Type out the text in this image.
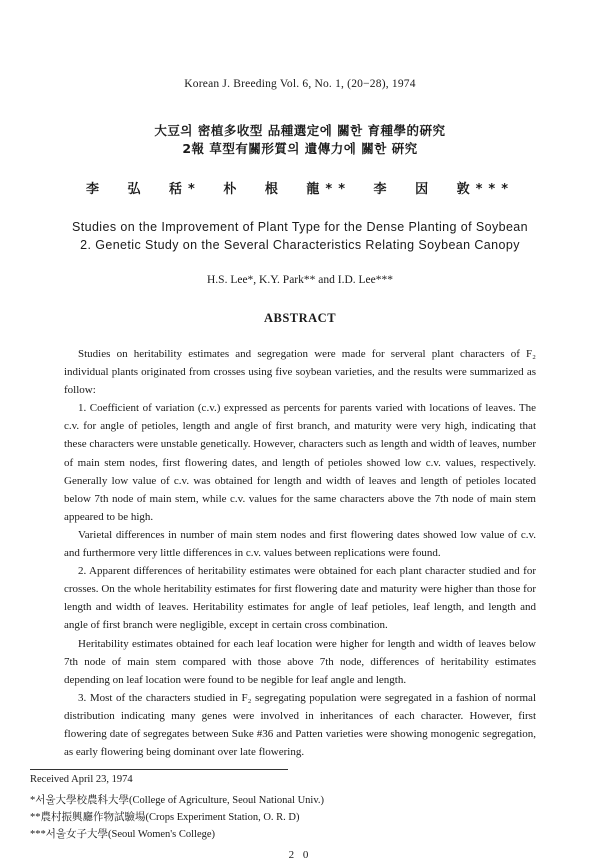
Korean J. Breeding Vol. 6, No. 1, (20−28), 1974
大豆의 密植多收型 品種選定에 關한 育種學的硏究
2報 草型有關形質의 遺傳力에 關한 硏究
李 弘 秳* 朴 根 龍** 李 因 敦***
Studies on the Improvement of Plant Type for the Dense Planting of Soybean
2. Genetic Study on the Several Characteristics Relating Soybean Canopy
H.S. Lee*, K.Y. Park** and I.D. Lee***
ABSTRACT

Studies on heritability estimates and segregation were made for serveral plant characters of F₂ individual plants originated from crosses using five soybean varieties, and the results were summarized as follow:

1. Coefficient of variation (c.v.) expressed as percents for parents varied with locations of leaves. The c.v. for angle of petioles, length and angle of first branch, and maturity were very high, indicating that these characters were unstable genetically. However, characters such as length and width of leaves, number of main stem nodes, first flowering dates, and length of petioles showed low c.v. values, respectively. Generally low value of c.v. was obtained for length and width of leaves and length of petioles located below 7th node of main stem, while c.v. values for the same characters above the 7th node of main stem appeared to be high.

Varietal differences in number of main stem nodes and first flowering dates showed low value of c.v. and furthermore very little differences in c.v. values between replications were found.

2. Apparent differences of heritability estimates were obtained for each plant character studied and for crosses. On the whole heritability estimates for first flowering date and maturity were higher than those for length and width of leaves. Heritability estimates for angle of leaf petioles, leaf length, and length and angle of first branch were negligible, except in certain cross combination.

Heritability estimates obtained for each leaf location were higher for length and width of leaves below 7th node of main stem compared with those above 7th node, differences of heritability estimates depending on leaf location were found to be negible for leaf angle and length.

3. Most of the characters studied in F₂ segregating population were segregated in a fashion of normal distribution indicating many genes were involved in inheritances of each character. However, first flowering date of segregates between Suke #36 and Patten varieties were showing monogenic segregation, as early flowering being dominant over late flowering.

Received April 23, 1974
*서울大學校農科大學(College of Agriculture, Seoul National Univ.)
**農村振興廳作物試驗場(Crops Experiment Station, O. R. D)
***서울女子大學(Seoul Women's College)
2 0
